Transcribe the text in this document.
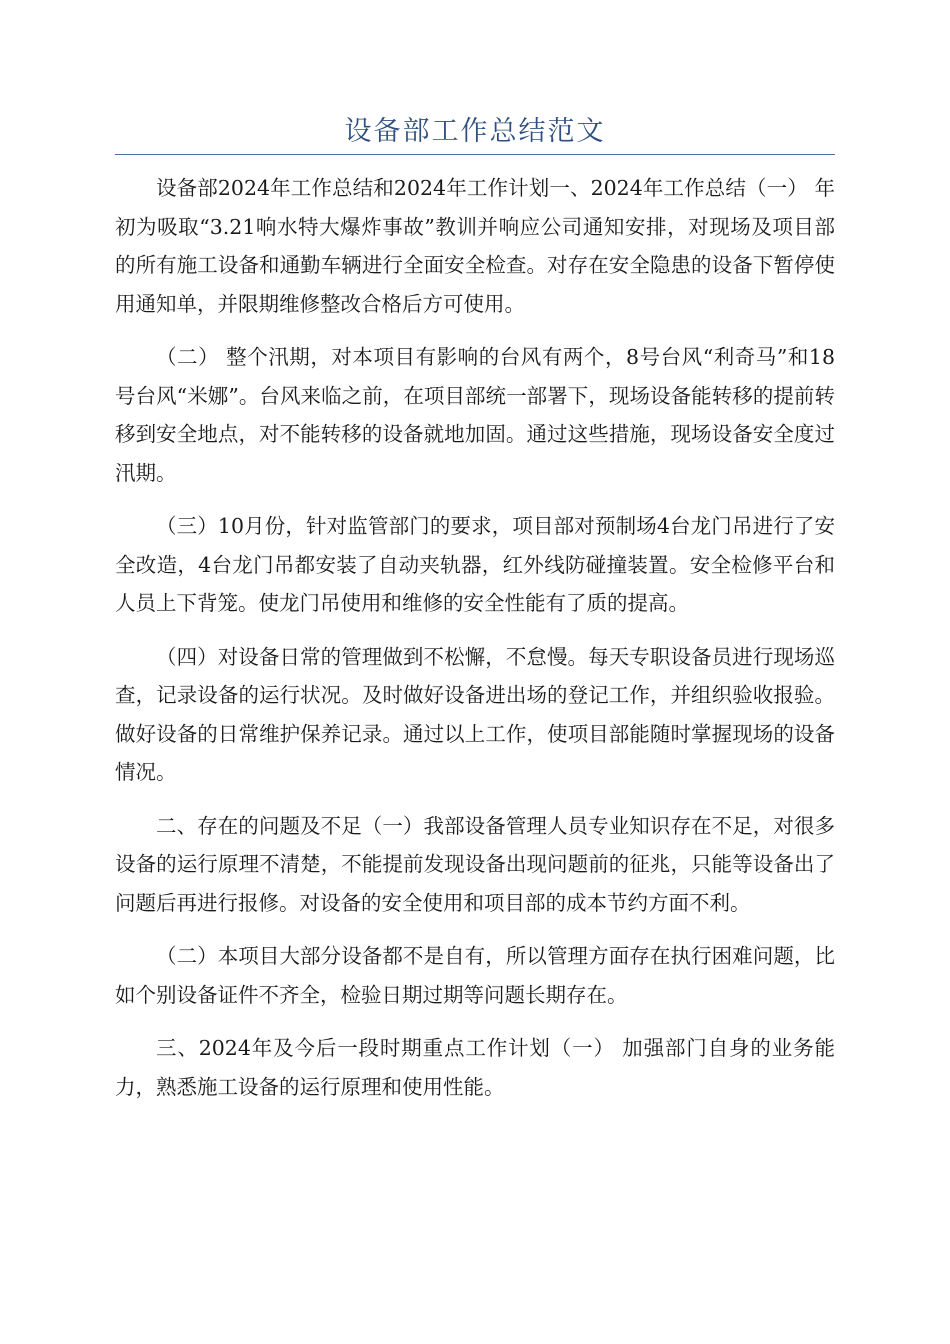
设备部工作总结范文

设备部2024年工作总结和2024年工作计划一、2024年工作总结（一） 年初为吸取“3.21响水特大爆炸事故”教训并响应公司通知安排，对现场及项目部的所有施工设备和通勤车辆进行全面安全检查。对存在安全隐患的设备下暂停使用通知单，并限期维修整改合格后方可使用。

（二） 整个汛期，对本项目有影响的台风有两个，8号台风“利奇马”和18号台风“米娜”。台风来临之前，在项目部统一部署下，现场设备能转移的提前转移到安全地点，对不能转移的设备就地加固。通过这些措施，现场设备安全度过汛期。

（三）10月份，针对监管部门的要求，项目部对预制场4台龙门吊进行了安全改造，4台龙门吊都安装了自动夹轨器，红外线防碰撞装置。安全检修平台和人员上下背笼。使龙门吊使用和维修的安全性能有了质的提高。

（四）对设备日常的管理做到不松懈，不怠慢。每天专职设备员进行现场巡查，记录设备的运行状况。及时做好设备进出场的登记工作，并组织验收报验。做好设备的日常维护保养记录。通过以上工作，使项目部能随时掌握现场的设备情况。

二、存在的问题及不足（一）我部设备管理人员专业知识存在不足，对很多设备的运行原理不清楚，不能提前发现设备出现问题前的征兆，只能等设备出了问题后再进行报修。对设备的安全使用和项目部的成本节约方面不利。

（二）本项目大部分设备都不是自有，所以管理方面存在执行困难问题，比如个别设备证件不齐全，检验日期过期等问题长期存在。

三、2024年及今后一段时期重点工作计划（一） 加强部门自身的业务能力，熟悉施工设备的运行原理和使用性能。
